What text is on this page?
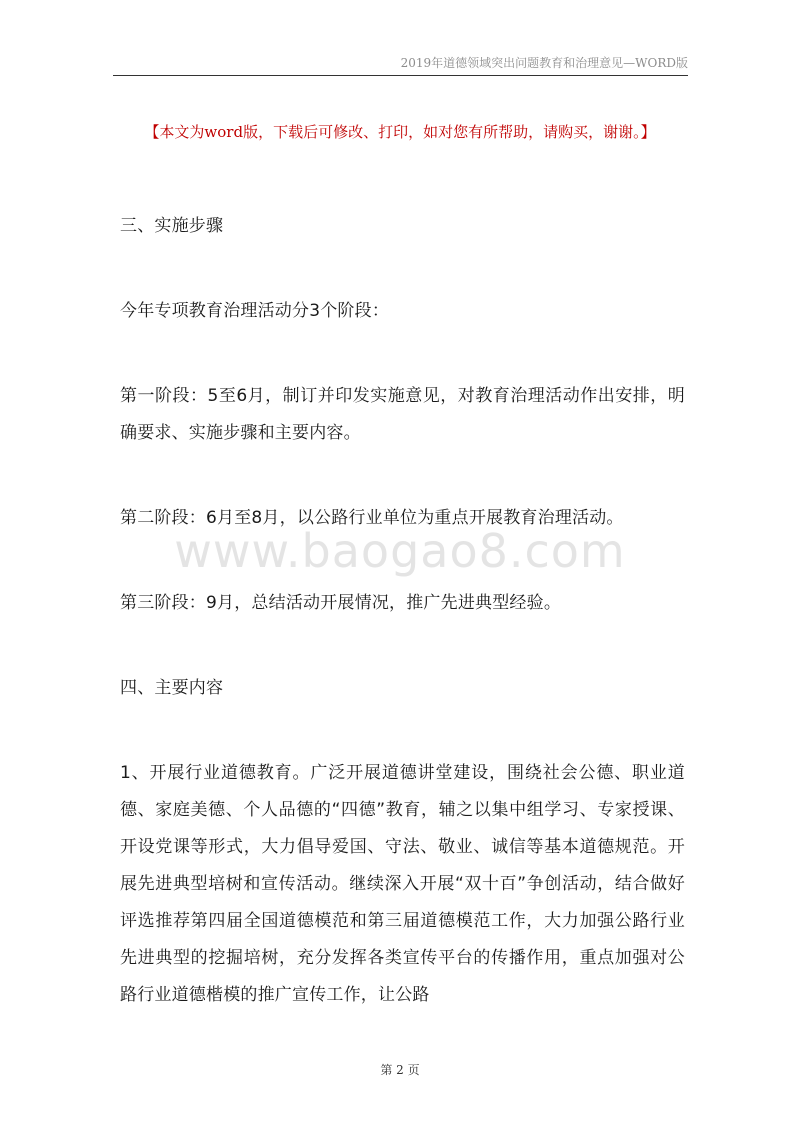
2019年道德领域突出问题教育和治理意见—WORD版
【本文为word版，下载后可修改、打印，如对您有所帮助，请购买，谢谢。】
www.baogao8.com

三、实施步骤

今年专项教育治理活动分3个阶段：

第一阶段：5至6月，制订并印发实施意见，对教育治理活动作出安排，明确要求、实施步骤和主要内容。

第二阶段：6月至8月，以公路行业单位为重点开展教育治理活动。

第三阶段：9月，总结活动开展情况，推广先进典型经验。

四、主要内容

1、开展行业道德教育。广泛开展道德讲堂建设，围绕社会公德、职业道德、家庭美德、个人品德的“四德”教育，辅之以集中组学习、专家授课、开设党课等形式，大力倡导爱国、守法、敬业、诚信等基本道德规范。开展先进典型培树和宣传活动。继续深入开展“双十百”争创活动，结合做好评选推荐第四届全国道德模范和第三届道德模范工作，大力加强公路行业先进典型的挖掘培树，充分发挥各类宣传平台的传播作用，重点加强对公路行业道德楷模的推广宣传工作，让公路

第 2 页
